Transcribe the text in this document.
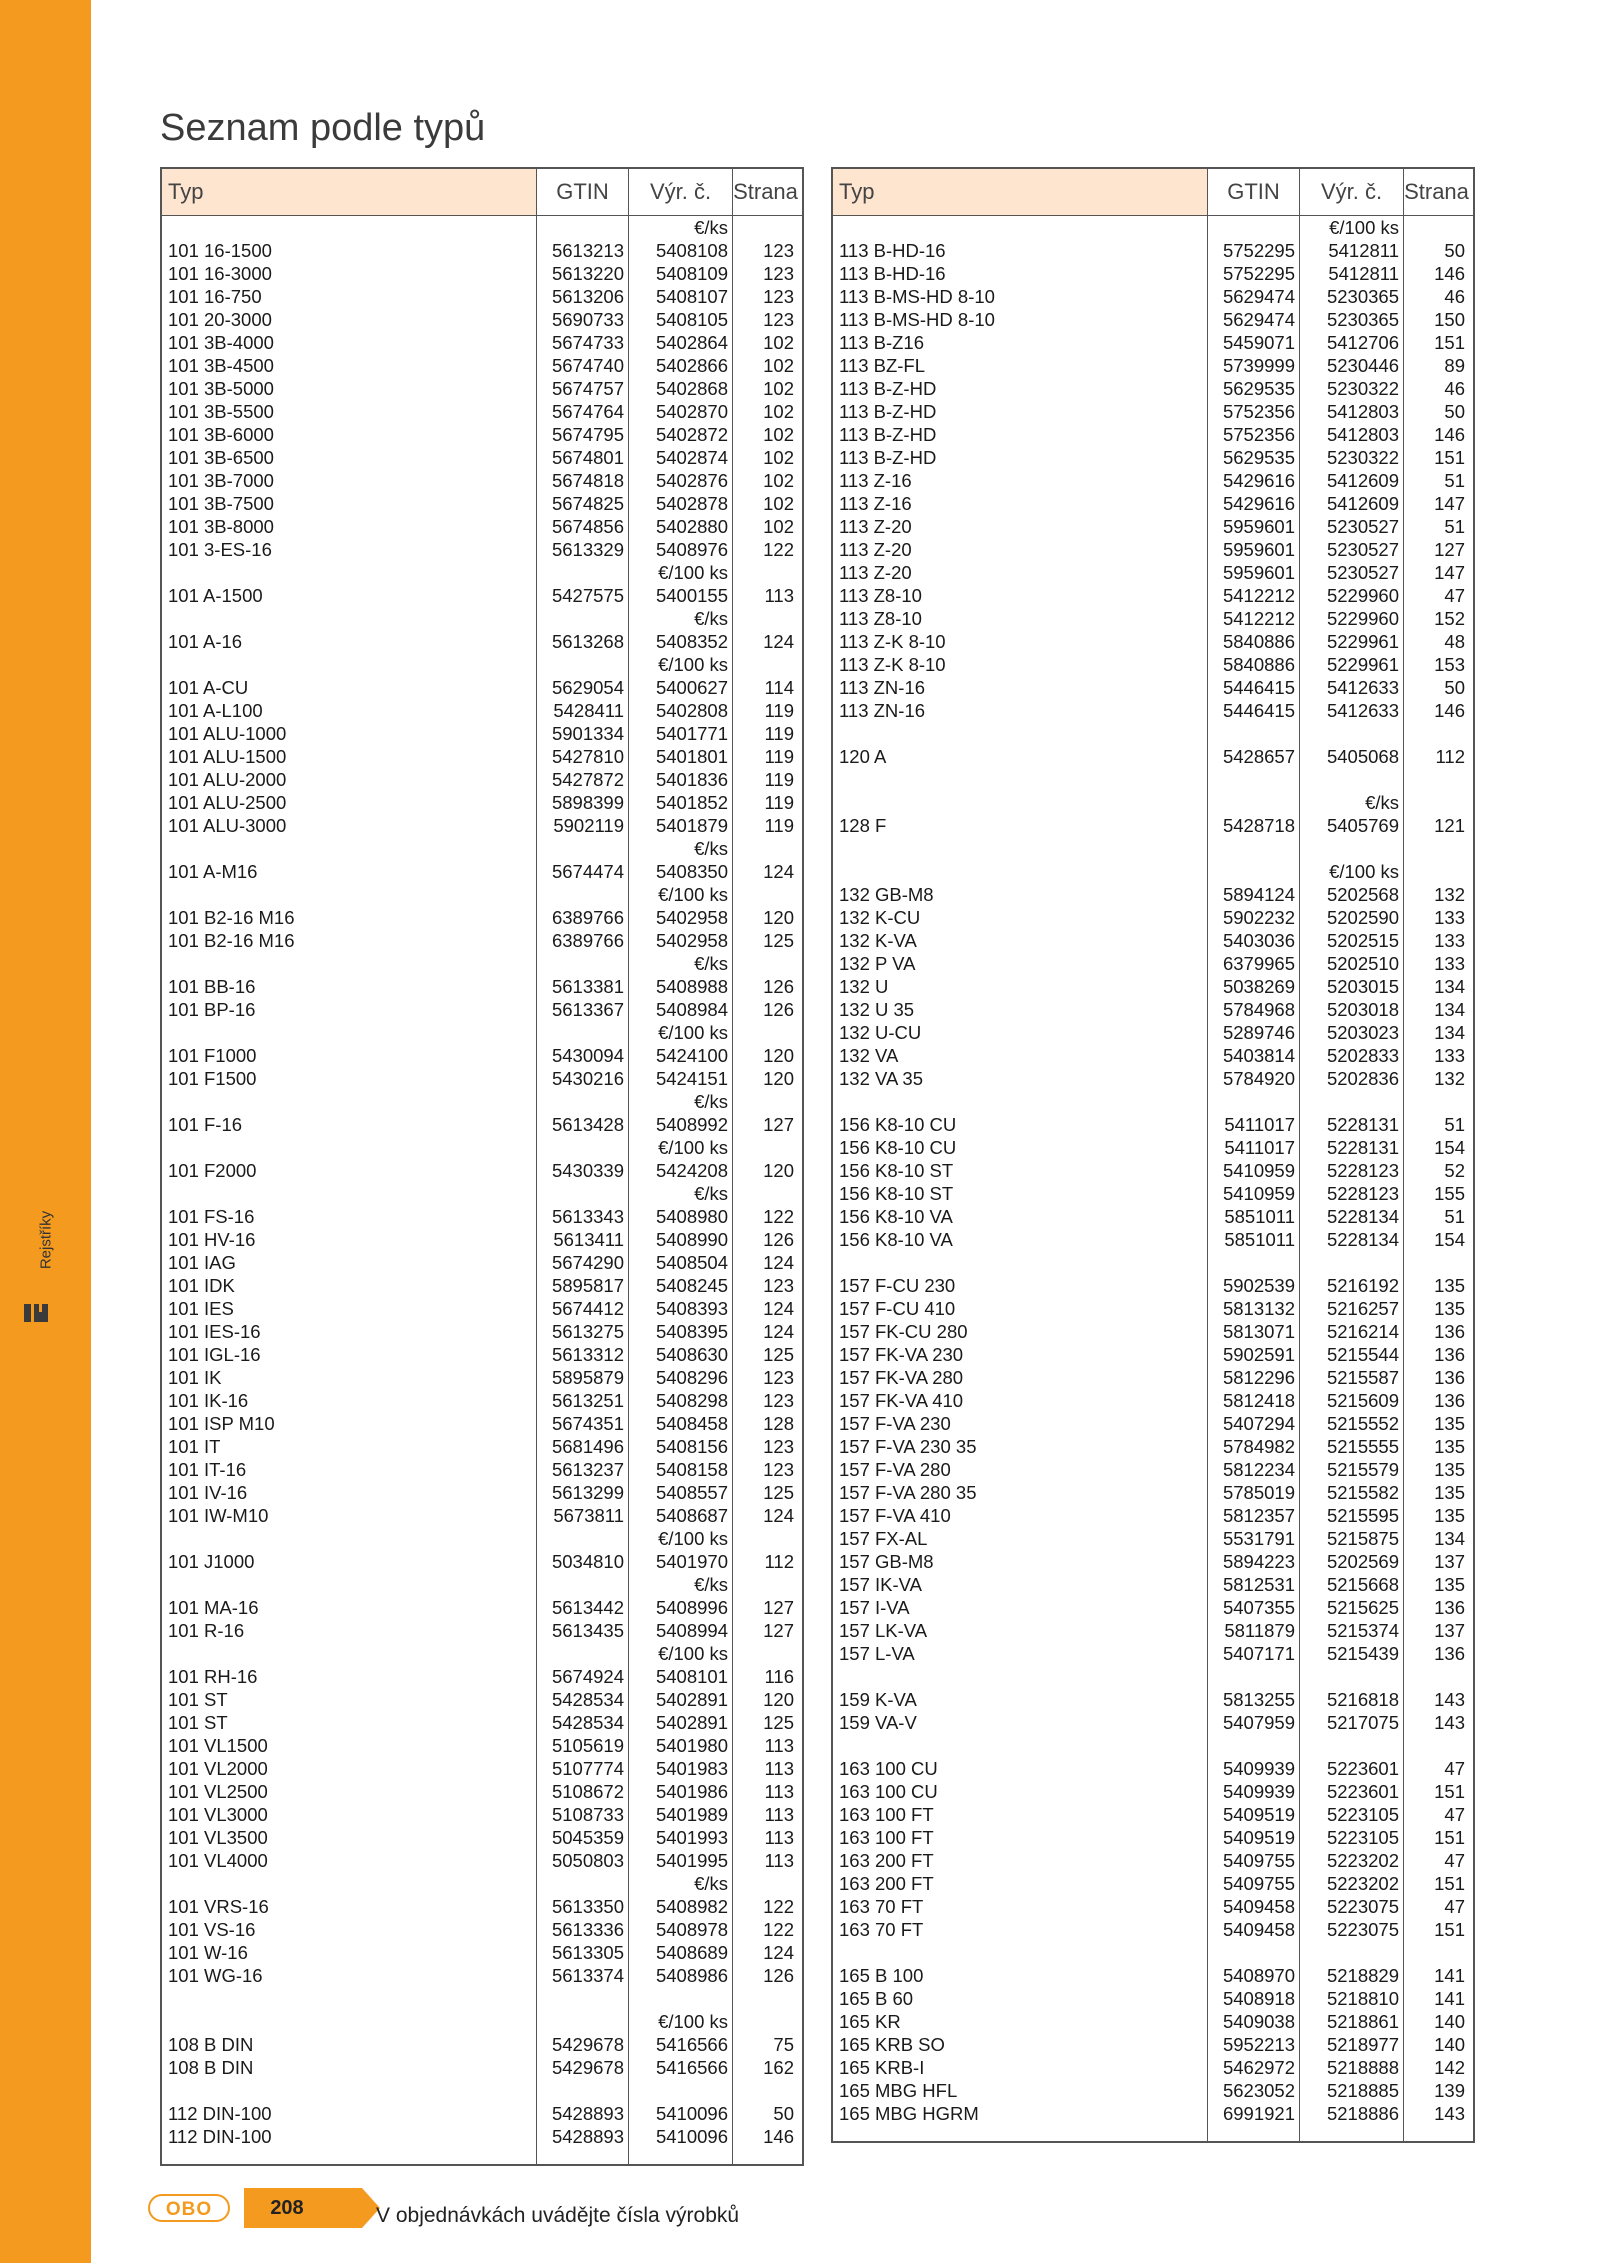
Rejstříky
Seznam podle typů
Typ	GTIN	Výr. č.	Strana
€/ks
101 16-1500	5613213	5408108	123
101 16-3000	5613220	5408109	123
101 16-750	5613206	5408107	123
101 20-3000	5690733	5408105	123
101 3B-4000	5674733	5402864	102
101 3B-4500	5674740	5402866	102
101 3B-5000	5674757	5402868	102
101 3B-5500	5674764	5402870	102
101 3B-6000	5674795	5402872	102
101 3B-6500	5674801	5402874	102
101 3B-7000	5674818	5402876	102
101 3B-7500	5674825	5402878	102
101 3B-8000	5674856	5402880	102
101 3-ES-16	5613329	5408976	122
€/100 ks
101 A-1500	5427575	5400155	113
€/ks
101 A-16	5613268	5408352	124
€/100 ks
101 A-CU	5629054	5400627	114
101 A-L100	5428411	5402808	119
101 ALU-1000	5901334	5401771	119
101 ALU-1500	5427810	5401801	119
101 ALU-2000	5427872	5401836	119
101 ALU-2500	5898399	5401852	119
101 ALU-3000	5902119	5401879	119
€/ks
101 A-M16	5674474	5408350	124
€/100 ks
101 B2-16 M16	6389766	5402958	120
101 B2-16 M16	6389766	5402958	125
€/ks
101 BB-16	5613381	5408988	126
101 BP-16	5613367	5408984	126
€/100 ks
101 F1000	5430094	5424100	120
101 F1500	5430216	5424151	120
€/ks
101 F-16	5613428	5408992	127
€/100 ks
101 F2000	5430339	5424208	120
€/ks
101 FS-16	5613343	5408980	122
101 HV-16	5613411	5408990	126
101 IAG	5674290	5408504	124
101 IDK	5895817	5408245	123
101 IES	5674412	5408393	124
101 IES-16	5613275	5408395	124
101 IGL-16	5613312	5408630	125
101 IK	5895879	5408296	123
101 IK-16	5613251	5408298	123
101 ISP M10	5674351	5408458	128
101 IT	5681496	5408156	123
101 IT-16	5613237	5408158	123
101 IV-16	5613299	5408557	125
101 IW-M10	5673811	5408687	124
€/100 ks
101 J1000	5034810	5401970	112
€/ks
101 MA-16	5613442	5408996	127
101 R-16	5613435	5408994	127
€/100 ks
101 RH-16	5674924	5408101	116
101 ST	5428534	5402891	120
101 ST	5428534	5402891	125
101 VL1500	5105619	5401980	113
101 VL2000	5107774	5401983	113
101 VL2500	5108672	5401986	113
101 VL3000	5108733	5401989	113
101 VL3500	5045359	5401993	113
101 VL4000	5050803	5401995	113
€/ks
101 VRS-16	5613350	5408982	122
101 VS-16	5613336	5408978	122
101 W-16	5613305	5408689	124
101 WG-16	5613374	5408986	126
€/100 ks
108 B DIN	5429678	5416566	75
108 B DIN	5429678	5416566	162
112 DIN-100	5428893	5410096	50
112 DIN-100	5428893	5410096	146
Typ	GTIN	Výr. č.	Strana
€/100 ks
113 B-HD-16	5752295	5412811	50
113 B-HD-16	5752295	5412811	146
113 B-MS-HD 8-10	5629474	5230365	46
113 B-MS-HD 8-10	5629474	5230365	150
113 B-Z16	5459071	5412706	151
113 BZ-FL	5739999	5230446	89
113 B-Z-HD	5629535	5230322	46
113 B-Z-HD	5752356	5412803	50
113 B-Z-HD	5752356	5412803	146
113 B-Z-HD	5629535	5230322	151
113 Z-16	5429616	5412609	51
113 Z-16	5429616	5412609	147
113 Z-20	5959601	5230527	51
113 Z-20	5959601	5230527	127
113 Z-20	5959601	5230527	147
113 Z8-10	5412212	5229960	47
113 Z8-10	5412212	5229960	152
113 Z-K 8-10	5840886	5229961	48
113 Z-K 8-10	5840886	5229961	153
113 ZN-16	5446415	5412633	50
113 ZN-16	5446415	5412633	146
120 A	5428657	5405068	112
€/ks
128 F	5428718	5405769	121
€/100 ks
132 GB-M8	5894124	5202568	132
132 K-CU	5902232	5202590	133
132 K-VA	5403036	5202515	133
132 P VA	6379965	5202510	133
132 U	5038269	5203015	134
132 U 35	5784968	5203018	134
132 U-CU	5289746	5203023	134
132 VA	5403814	5202833	133
132 VA 35	5784920	5202836	132
156 K8-10 CU	5411017	5228131	51
156 K8-10 CU	5411017	5228131	154
156 K8-10 ST	5410959	5228123	52
156 K8-10 ST	5410959	5228123	155
156 K8-10 VA	5851011	5228134	51
156 K8-10 VA	5851011	5228134	154
157 F-CU 230	5902539	5216192	135
157 F-CU 410	5813132	5216257	135
157 FK-CU 280	5813071	5216214	136
157 FK-VA 230	5902591	5215544	136
157 FK-VA 280	5812296	5215587	136
157 FK-VA 410	5812418	5215609	136
157 F-VA 230	5407294	5215552	135
157 F-VA 230 35	5784982	5215555	135
157 F-VA 280	5812234	5215579	135
157 F-VA 280 35	5785019	5215582	135
157 F-VA 410	5812357	5215595	135
157 FX-AL	5531791	5215875	134
157 GB-M8	5894223	5202569	137
157 IK-VA	5812531	5215668	135
157 I-VA	5407355	5215625	136
157 LK-VA	5811879	5215374	137
157 L-VA	5407171	5215439	136
159 K-VA	5813255	5216818	143
159 VA-V	5407959	5217075	143
163 100 CU	5409939	5223601	47
163 100 CU	5409939	5223601	151
163 100 FT	5409519	5223105	47
163 100 FT	5409519	5223105	151
163 200 FT	5409755	5223202	47
163 200 FT	5409755	5223202	151
163 70 FT	5409458	5223075	47
163 70 FT	5409458	5223075	151
165 B 100	5408970	5218829	141
165 B 60	5408918	5218810	141
165 KR	5409038	5218861	140
165 KRB SO	5952213	5218977	140
165 KRB-I	5462972	5218888	142
165 MBG HFL	5623052	5218885	139
165 MBG HGRM	6991921	5218886	143
OBO	208	V objednávkách uvádějte čísla výrobků
